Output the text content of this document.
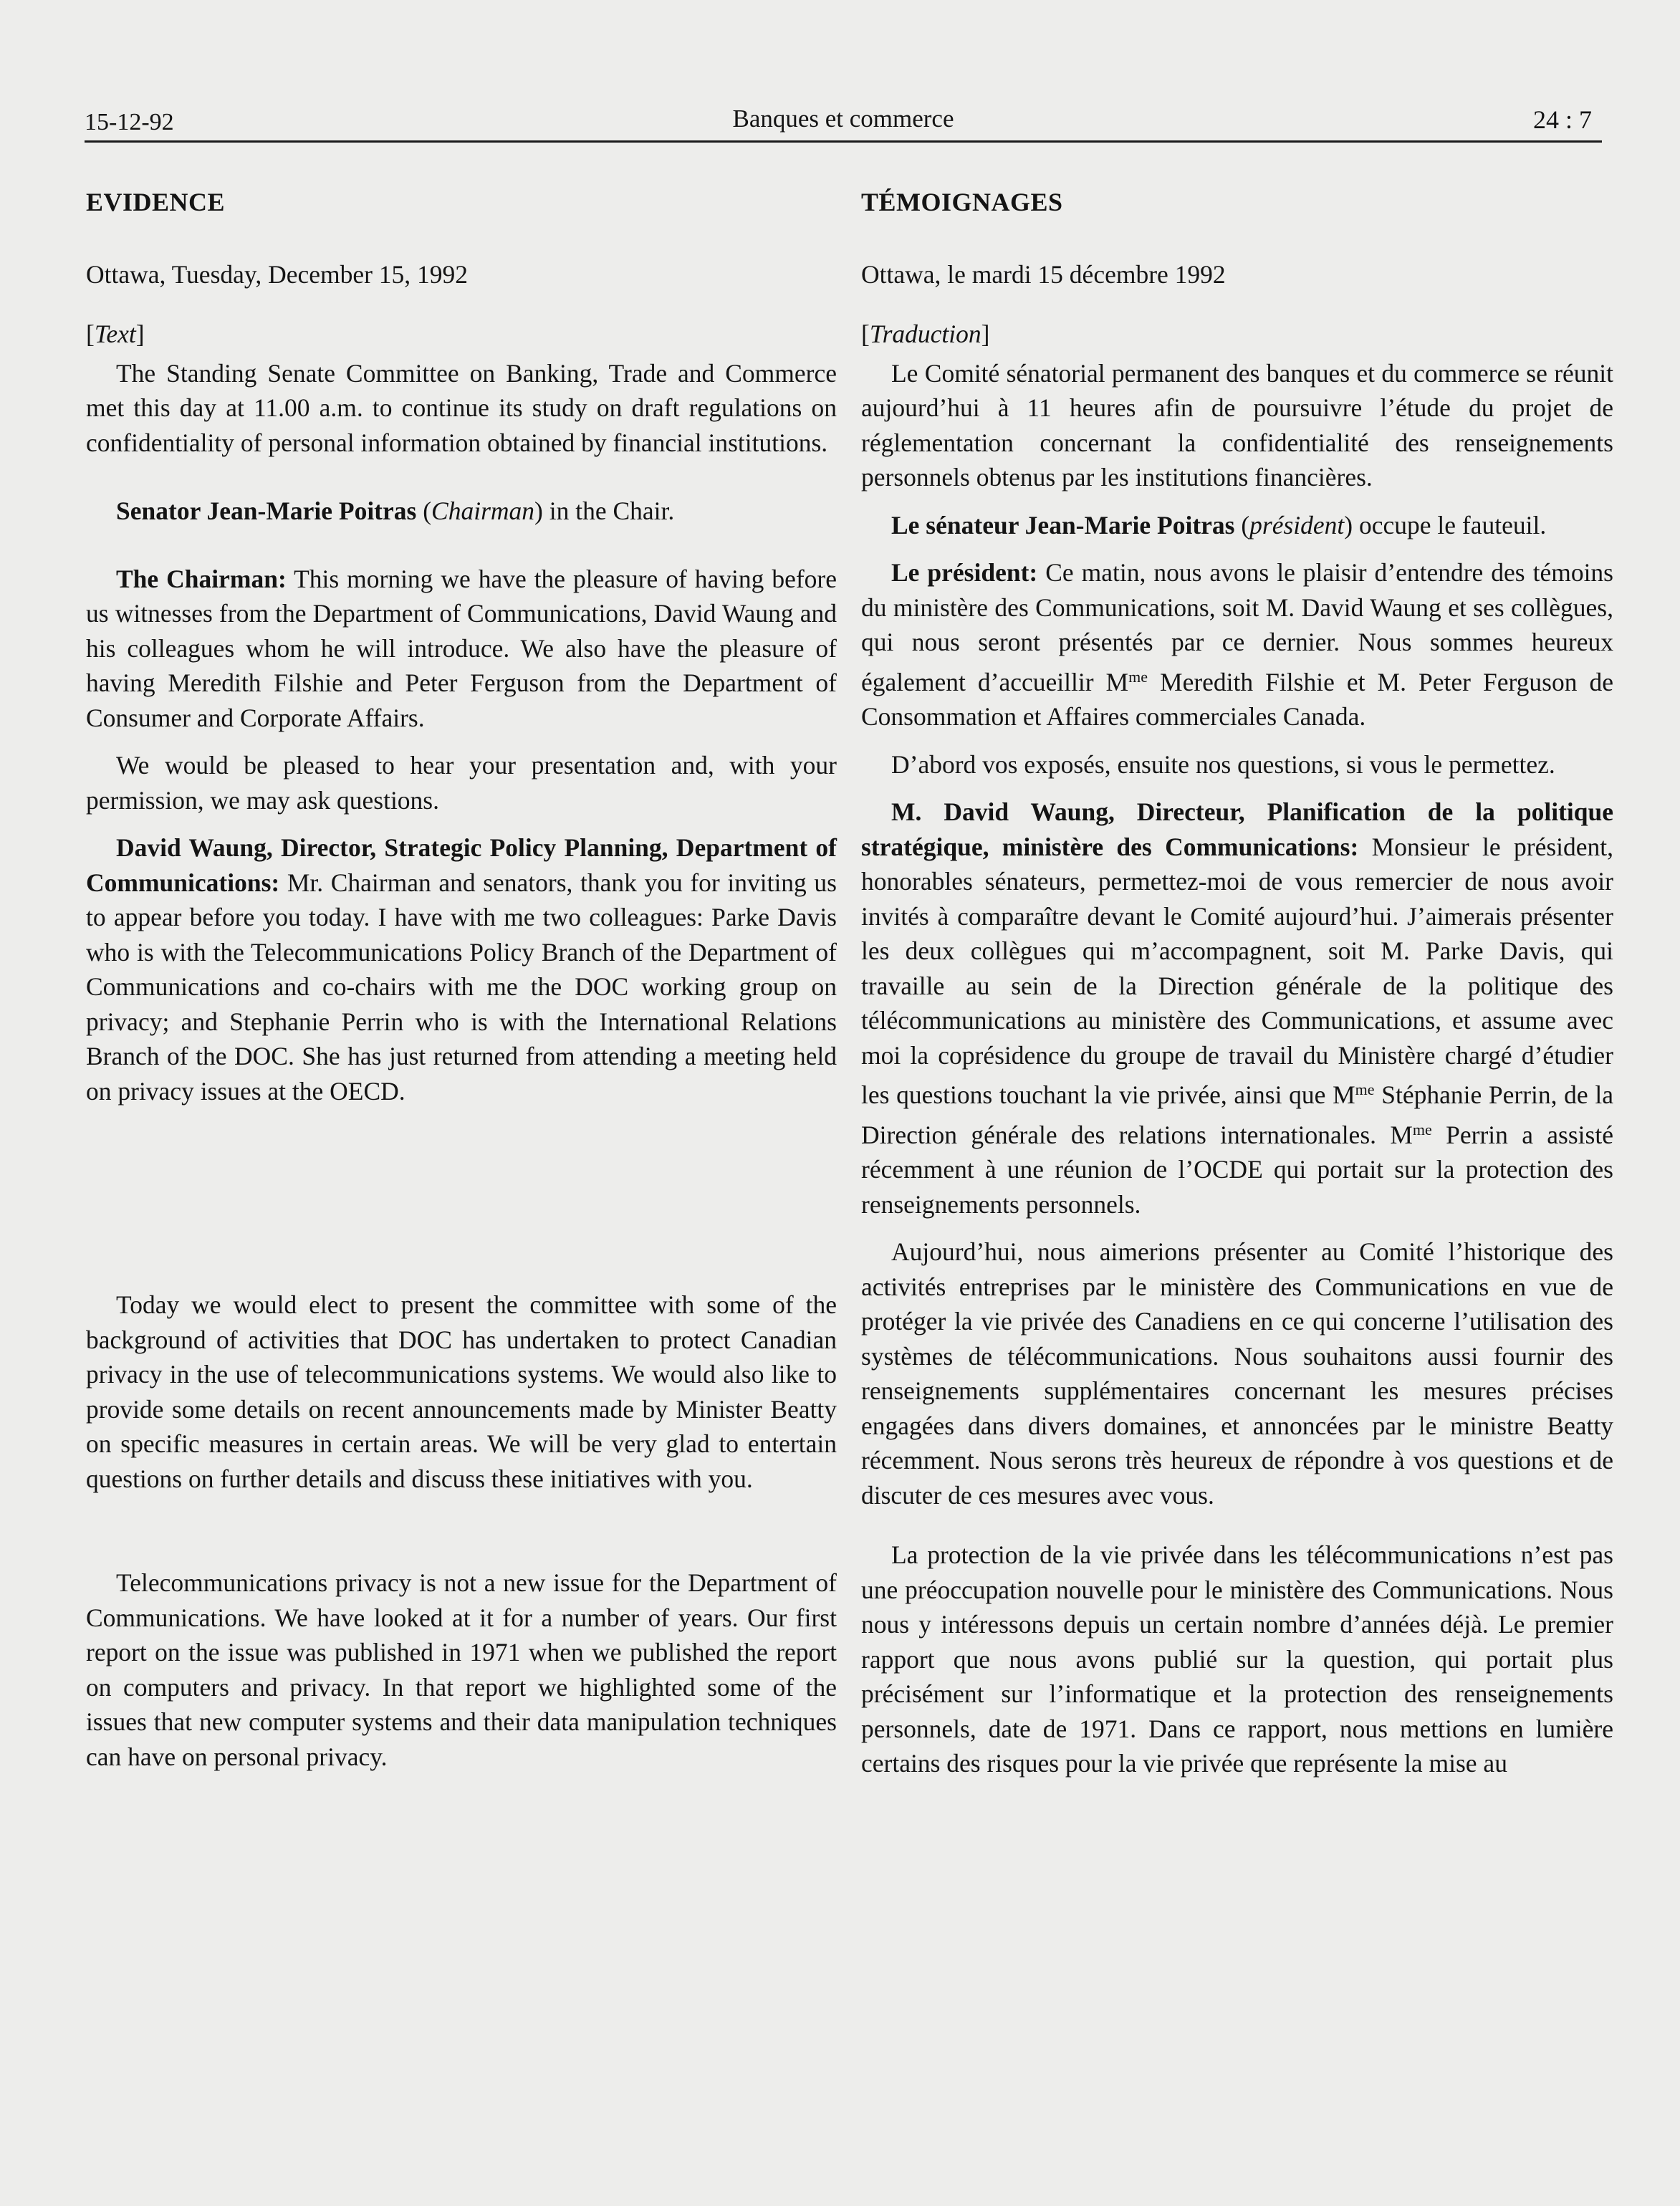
15-12-92	Banques et commerce	24 : 7
EVIDENCE

Ottawa, Tuesday, December 15, 1992

[Text]

The Standing Senate Committee on Banking, Trade and Commerce met this day at 11.00 a.m. to continue its study on draft regulations on confidentiality of personal information obtained by financial institutions.

Senator Jean-Marie Poitras (Chairman) in the Chair.

The Chairman: This morning we have the pleasure of having before us witnesses from the Department of Communications, David Waung and his colleagues whom he will introduce. We also have the pleasure of having Meredith Filshie and Peter Ferguson from the Department of Consumer and Corporate Affairs.

We would be pleased to hear your presentation and, with your permission, we may ask questions.

David Waung, Director, Strategic Policy Planning, Department of Communications: Mr. Chairman and senators, thank you for inviting us to appear before you today. I have with me two colleagues: Parke Davis who is with the Telecommunications Policy Branch of the Department of Communications and co-chairs with me the DOC working group on privacy; and Stephanie Perrin who is with the International Relations Branch of the DOC. She has just returned from attending a meeting held on privacy issues at the OECD.

Today we would elect to present the committee with some of the background of activities that DOC has undertaken to protect Canadian privacy in the use of telecommunications systems. We would also like to provide some details on recent announcements made by Minister Beatty on specific measures in certain areas. We will be very glad to entertain questions on further details and discuss these initiatives with you.

Telecommunications privacy is not a new issue for the Department of Communications. We have looked at it for a number of years. Our first report on the issue was published in 1971 when we published the report on computers and privacy. In that report we highlighted some of the issues that new computer systems and their data manipulation techniques can have on personal privacy.

TÉMOIGNAGES

Ottawa, le mardi 15 décembre 1992

[Traduction]

Le Comité sénatorial permanent des banques et du commerce se réunit aujourd’hui à 11 heures afin de poursuivre l’étude du projet de réglementation concernant la confidentialité des renseignements personnels obtenus par les institutions financières.

Le sénateur Jean-Marie Poitras (président) occupe le fauteuil.

Le président: Ce matin, nous avons le plaisir d’entendre des témoins du ministère des Communications, soit M. David Waung et ses collègues, qui nous seront présentés par ce dernier. Nous sommes heureux également d’accueillir $M^{me}$ Meredith Filshie et M. Peter Ferguson de Consommation et Affaires commerciales Canada.

D’abord vos exposés, ensuite nos questions, si vous le permettez.

M. David Waung, Directeur, Planification de la politique stratégique, ministère des Communications: Monsieur le président, honorables sénateurs, permettez-moi de vous remercier de nous avoir invités à comparaître devant le Comité aujourd’hui. J’aimerais présenter les deux collègues qui m’accompagnent, soit M. Parke Davis, qui travaille au sein de la Direction générale de la politique des télécommunications au ministère des Communications, et assume avec moi la coprésidence du groupe de travail du Ministère chargé d’étudier les questions touchant la vie privée, ainsi que $M^{me}$ Stéphanie Perrin, de la Direction générale des relations internationales. $M^{me}$ Perrin a assisté récemment à une réunion de l’OCDE qui portait sur la protection des renseignements personnels.

Aujourd’hui, nous aimerions présenter au Comité l’historique des activités entreprises par le ministère des Communications en vue de protéger la vie privée des Canadiens en ce qui concerne l’utilisation des systèmes de télécommunications. Nous souhaitons aussi fournir des renseignements supplémentaires concernant les mesures précises engagées dans divers domaines, et annoncées par le ministre Beatty récemment. Nous serons très heureux de répondre à vos questions et de discuter de ces mesures avec vous.

La protection de la vie privée dans les télécommunications n’est pas une préoccupation nouvelle pour le ministère des Communications. Nous nous y intéressons depuis un certain nombre d’années déjà. Le premier rapport que nous avons publié sur la question, qui portait plus précisément sur l’informatique et la protection des renseignements personnels, date de 1971. Dans ce rapport, nous mettions en lumière certains des risques pour la vie privée que représente la mise au
